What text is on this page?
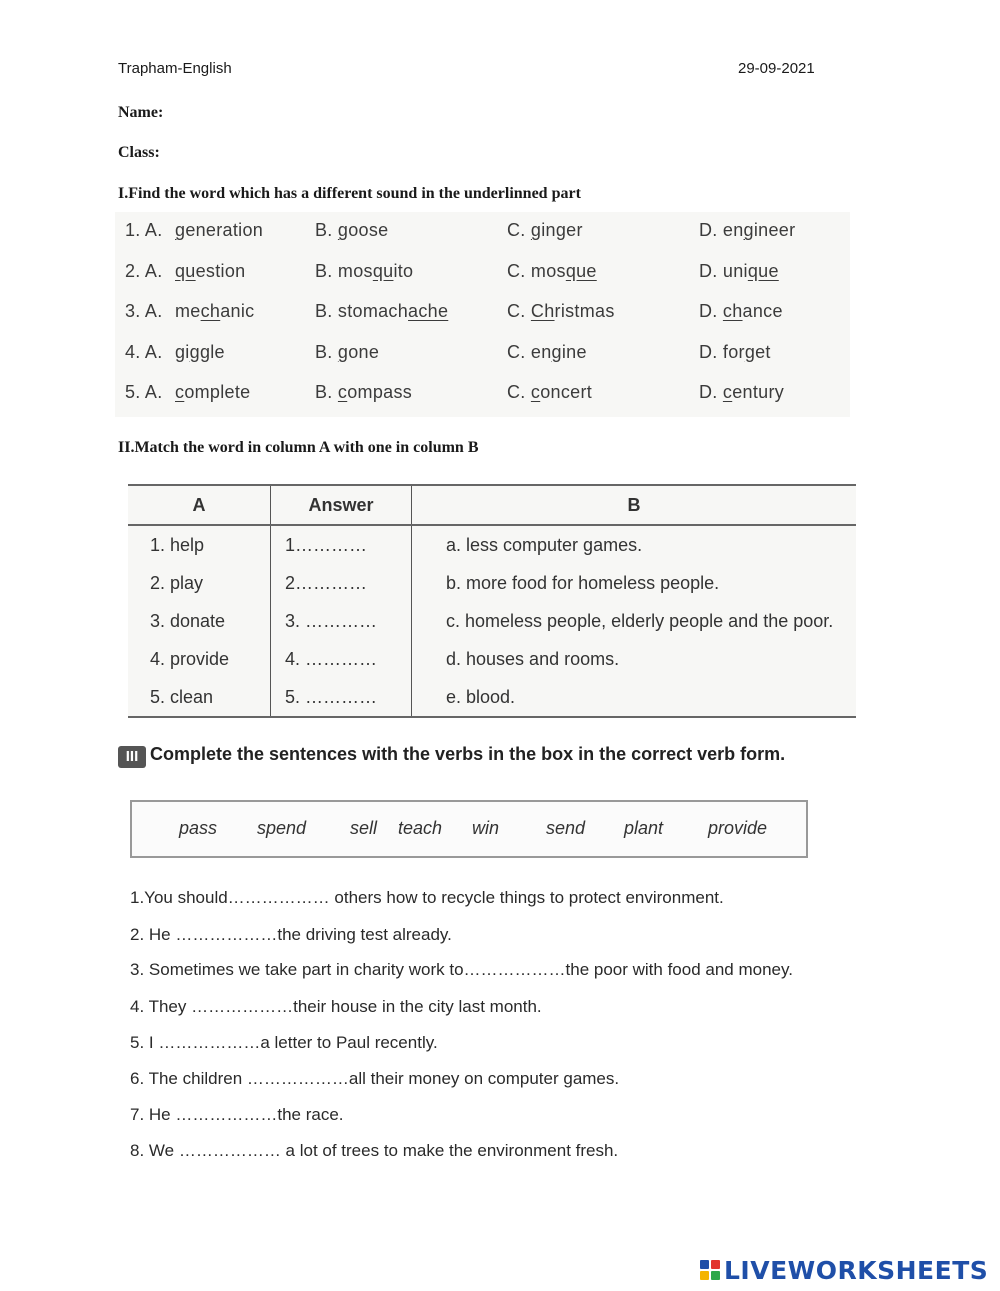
Trapham-English	29-09-2021
Name:
Class:
I.Find the word which has a different sound in the underlinned part
1. A. generation	B. goose	C. ginger	D. engineer
2. A. question	B. mosquito	C. mosque	D. unique
3. A. mechanic	B. stomachache	C. Christmas	D. chance
4. A. giggle	B. gone	C. engine	D. forget
5. A. complete	B. compass	C. concert	D. century
II.Match the word in column A with one in column B
A	Answer	B
1. help	1…………	a. less computer games.
2. play	2…………	b. more food for homeless people.
3. donate	3. …………	c. homeless people, elderly people and the poor.
4. provide	4. …………	d. houses and rooms.
5. clean	5. …………	e. blood.
III Complete the sentences with the verbs in the box in the correct verb form.
pass spend sell teach win	send plant provide
1.You should……………… others how to recycle things to protect environment.
2. He ………………the driving test already.
3. Sometimes we take part in charity work to………………the poor with food and money.
4. They ………………their house in the city last month.
5. I ………………a letter to Paul recently.
6. The children ………………all their money on computer games.
7. He ………………the race.
8. We ……………… a lot of trees to make the environment fresh.
LIVEWORKSHEETS
